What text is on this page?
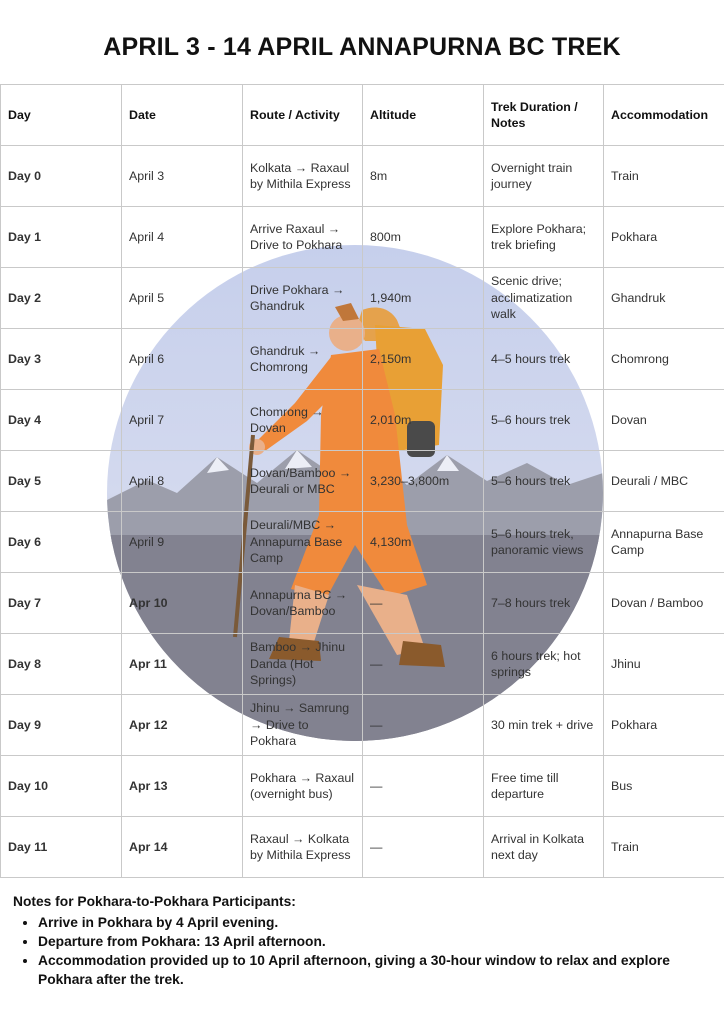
APRIL 3 - 14 APRIL ANNAPURNA BC TREK
Day	Date	Route / Activity	Altitude	Trek Duration / Notes	Accommodation
Day 0	April 3	Kolkata → Raxaul by Mithila Express	8m	Overnight train journey	Train
Day 1	April 4	Arrive Raxaul → Drive to Pokhara	800m	Explore Pokhara; trek briefing	Pokhara
Day 2	April 5	Drive Pokhara → Ghandruk	1,940m	Scenic drive; acclimatization walk	Ghandruk
Day 3	April 6	Ghandruk → Chomrong	2,150m	4–5 hours trek	Chomrong
Day 4	April 7	Chomrong → Dovan	2,010m	5–6 hours trek	Dovan
Day 5	April 8	Dovan/Bamboo → Deurali or MBC	3,230–3,800m	5–6 hours trek	Deurali / MBC
Day 6	April 9	Deurali/MBC → Annapurna Base Camp	4,130m	5–6 hours trek, panoramic views	Annapurna Base Camp
Day 7	Apr 10	Annapurna BC → Dovan/Bamboo	—	7–8 hours trek	Dovan / Bamboo
Day 8	Apr 11	Bamboo → Jhinu Danda (Hot Springs)	—	6 hours trek; hot springs	Jhinu
Day 9	Apr 12	Jhinu → Samrung → Drive to Pokhara	—	30 min trek + drive	Pokhara
Day 10	Apr 13	Pokhara → Raxaul (overnight bus)	—	Free time till departure	Bus
Day 11	Apr 14	Raxaul → Kolkata by Mithila Express	—	Arrival in Kolkata next day	Train
Notes for Pokhara-to-Pokhara Participants:
• Arrive in Pokhara by 4 April evening.
• Departure from Pokhara: 13 April afternoon.
• Accommodation provided up to 10 April afternoon, giving a 30-hour window to relax and explore Pokhara after the trek.
